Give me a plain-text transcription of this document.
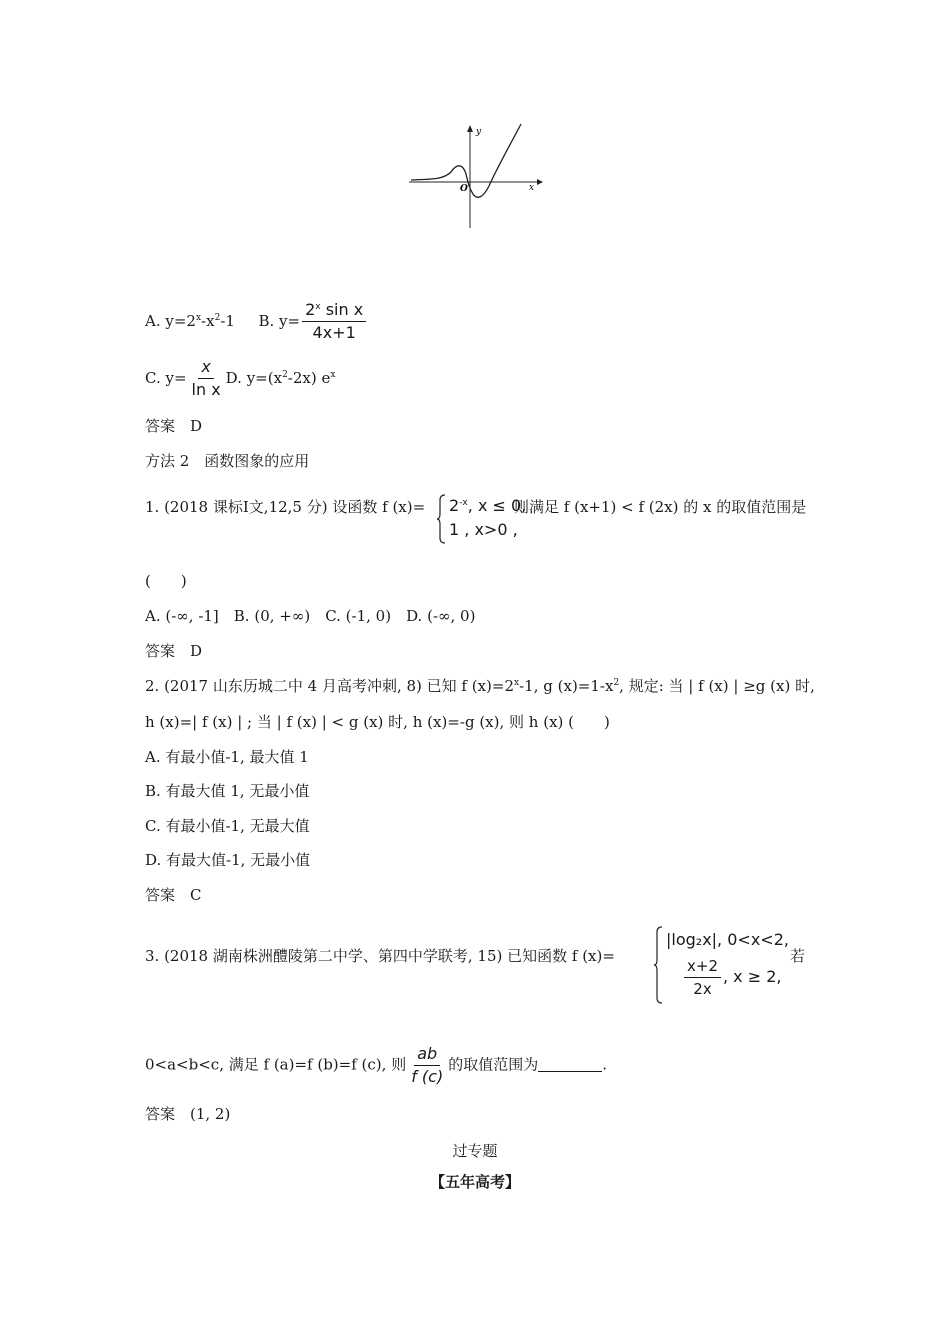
y
x
O
A. $y=2^x-x^2-1$ B. $y= \frac{2^x \sin x}{4x+1}$
C. $y= \frac{x}{\text{ln x}} D$. $y=(x^2-2x)$ $e^x$
答案　D
方法 2　函数图象的应用
1. (2018 课标Ⅰ文,12,5 分) 设函数 f $(x)= 2^{-x}$, x ≤ 0,
1 , x>0 ,
则满足 f (x+1) < f (2x) 的 x 的取值范围是
(　　)
A. (-∞, -1]　B. (0, +∞)　C. (-1, 0)　D. (-∞, 0)
答案　D
2. (2017 山东历城二中 4 月高考冲刺, 8) 已知 f $(x)=2^x-1$, g $(x)=1-x^2$, 规定: 当 | f (x) | ≥g (x) 时,
h (x)=| f (x) | ; 当 | f (x) | < g (x) 时, h (x)=-g (x), 则 h (x) (　　)
A. 有最小值-1, 最大值 1
B. 有最大值 1, 无最小值
C. 有最小值-1, 无最大值
D. 有最大值-1, 无最小值
答案　C
3. (2018 湖南株洲醴陵第二中学、第四中学联考, 15) 已知函数 f (x)=
|log₂x|, 0<x<2,
$\frac{x+2}{2x}$ , x ≥ 2,
若
0<a<b<c, 满足 f (a)=f (b)=f (c), 则 $\frac{ab}{f (c)}$ 的取值范围为	.
答案　(1, 2)
过专题
【五年高考】
